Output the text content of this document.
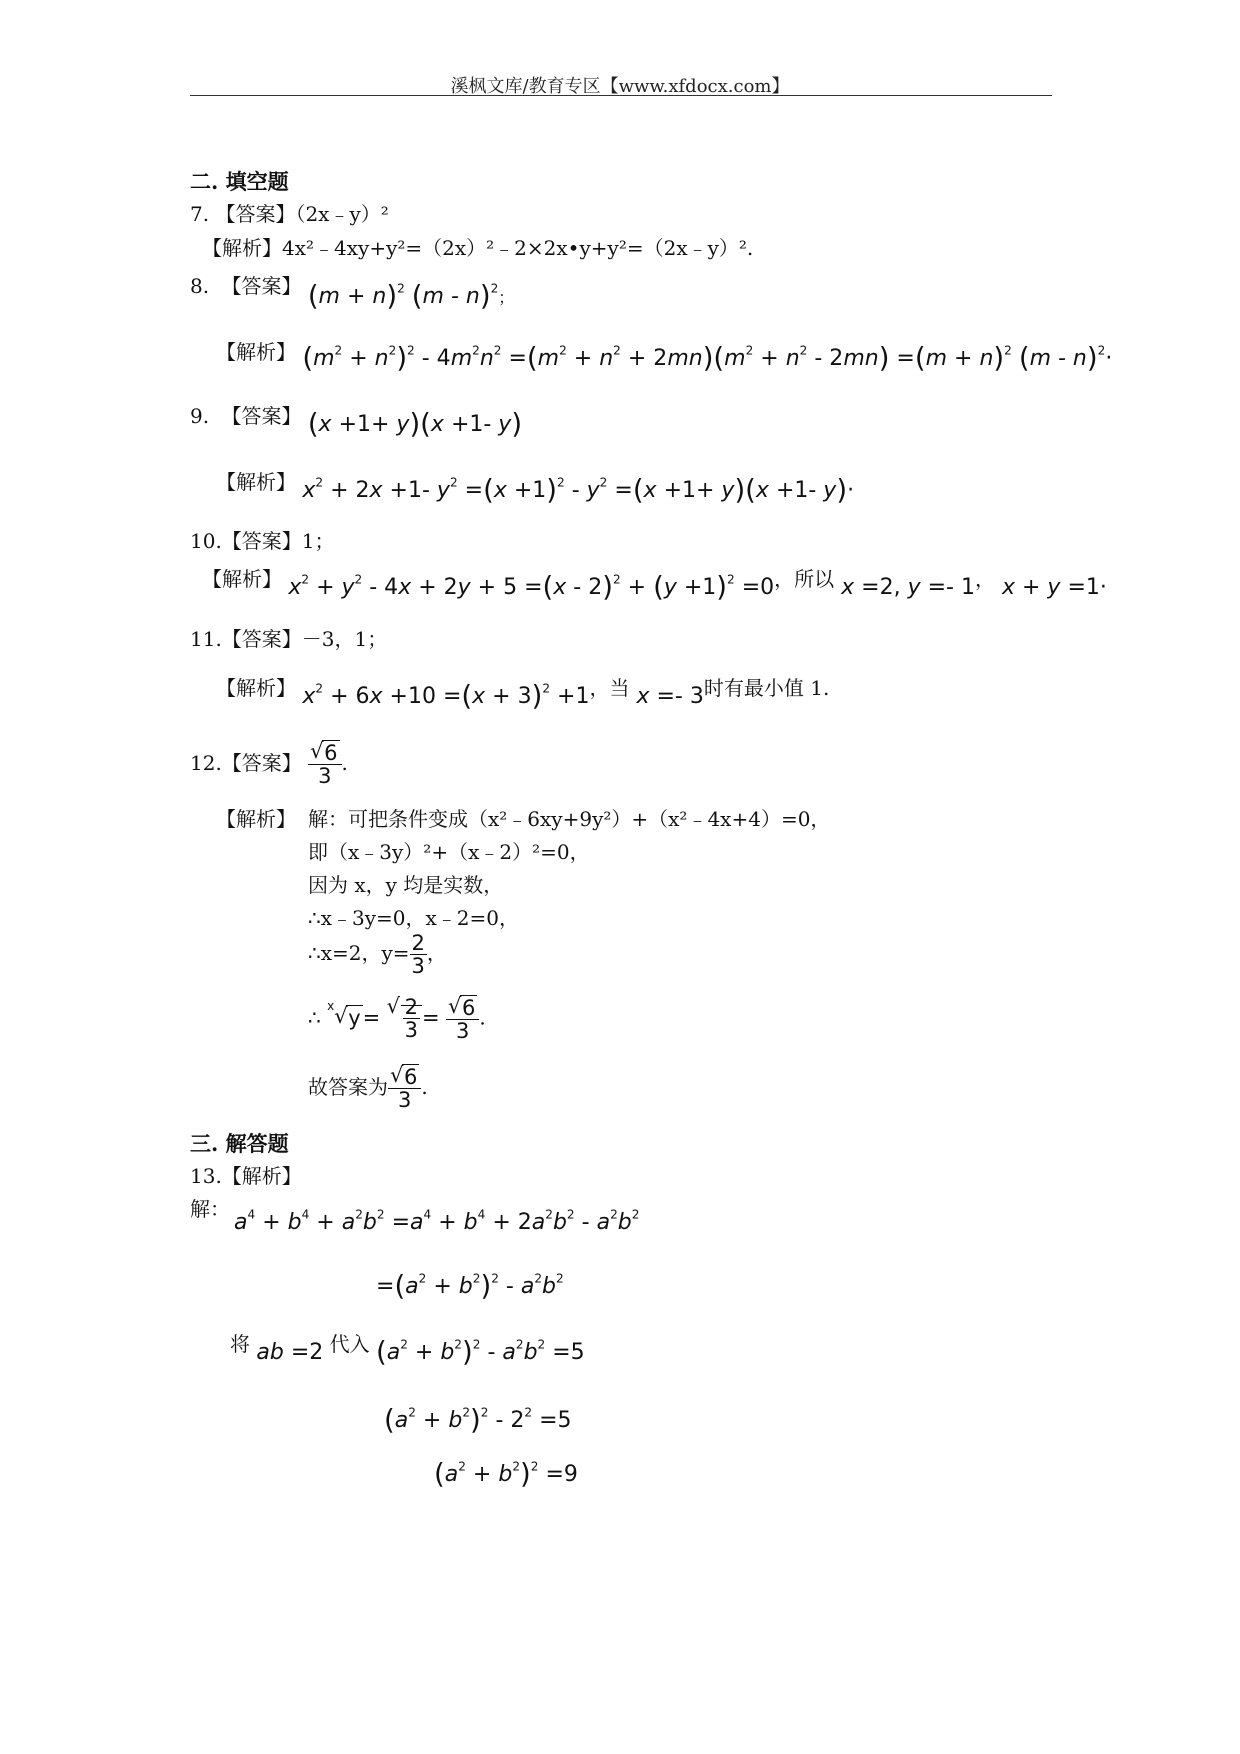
溪枫文库/教育专区【www.xfdocx.com】
二. 填空题
7. 【答案】（2x﹣y）²
【解析】4x²﹣4xy+y²=（2x）²﹣2×2x•y+y²=（2x﹣y）².
8. 【答案】 $(m + n)^2$ (m - n)$^2$；
【解析】 $(m^2 + n^2)^2 - 4m^2n^2 =(m^2 + n^2 + 2mn)(m^2 + n^2 - 2mn) =(m + n)^2$ (m - n)$^2$·
9. 【答案】 (x +1+ y)(x +1- y)
【解析】 $x^2 + 2x +1-$ $y^2 =(x +1)^2 - y^2 =(x +1+ y)(x +1-$ y)·
10.【答案】1；
【解析】 $x^2 + y^2 - 4x + 2y + 5 =(x - 2)^2 + (y +1)^2 =0$，所以 x =2, y =- 1， x + y =1·
11.【答案】－3，1；
【解析】 $x^2 + 6x +10 =(x + 3)^2 +1$，当 x =- 3时有最小值 1.
12.【答案】 √ $\frac{6}{3}$ .
【解析】 解：可把条件变成（x²﹣6xy+9y²）+（x²﹣4x+4）=0，
即（x﹣3y）²+（x﹣2）²=0，
因为 x，y 均是实数，
∴x﹣3y=0，x﹣2=0，
∴x=2，$y= \frac{2}{3}$ ，
∴ $^x$ √ y= √ $\frac{2}{3}$ = √ $\frac{6}{3}$ .
故答案为 √ $\frac{6}{3}$ .
三. 解答题
13.【解析】
解：
$a^4 + b^4 + a^2b^2 =a^4 + b^4 + 2a^2b^2 - a^2b^2$
$=(a^2 + b^2)^2 - a^2b^2$
将 ab =2 代入 $(a^2 + b^2)^2 - a^2b^2 =5$
$(a^2 + b^2)^2 - 2^2 =5$
$(a^2 + b^2)^2 =9$
